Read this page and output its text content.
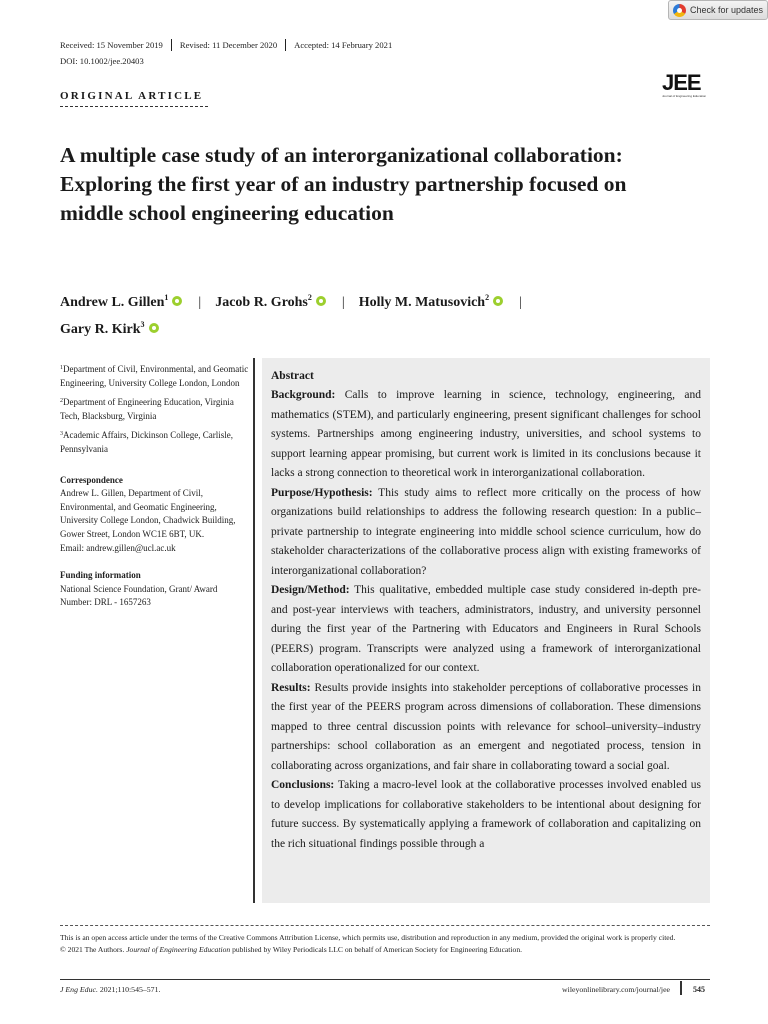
Check for updates
Received: 15 November 2019	Revised: 11 December 2020	Accepted: 14 February 2021
DOI: 10.1002/jee.20403
ORIGINAL ARTICLE
JEE
Journal of Engineering Education
A multiple case study of an interorganizational collaboration: Exploring the first year of an industry partnership focused on middle school engineering education
Andrew L. Gillen$^1$ | Jacob R. Grohs$^2$ | Holly M. Matusovich$^2$ |
Gary R. Kirk$^3$
$^1$Department of Civil, Environmental, and Geomatic Engineering, University College London, London
$^2$Department of Engineering Education, Virginia Tech, Blacksburg, Virginia
$^3$Academic Affairs, Dickinson College, Carlisle, Pennsylvania
Correspondence
Andrew L. Gillen, Department of Civil, Environmental, and Geomatic Engineering, University College London, Chadwick Building, Gower Street, London WC1E 6BT, UK.
Email: andrew.gillen@ucl.ac.uk
Funding information
National Science Foundation, Grant/ Award Number: DRL - 1657263
Abstract

Background: Calls to improve learning in science, technology, engineering, and mathematics (STEM), and particularly engineering, present significant challenges for school systems. Partnerships among engineering industry, universities, and school systems to support learning appear promising, but current work is limited in its conclusions because it lacks a strong connection to theoretical work in interorganizational collaboration.

Purpose/Hypothesis: This study aims to reflect more critically on the process of how organizations build relationships to address the following research question: In a public–private partnership to integrate engineering into middle school science curriculum, how do stakeholder characterizations of the collaborative process align with existing frameworks of interorganizational collaboration?

Design/Method: This qualitative, embedded multiple case study considered in-depth pre- and post-year interviews with teachers, administrators, industry, and university personnel during the first year of the Partnering with Educators and Engineers in Rural Schools (PEERS) program. Transcripts were analyzed using a framework of interorganizational collaboration operationalized for our context.

Results: Results provide insights into stakeholder perceptions of collaborative processes in the first year of the PEERS program across dimensions of collaboration. These dimensions mapped to three central discussion points with relevance for school–university–industry partnerships: school collaboration as an emergent and negotiated process, tension in collaborating across organizations, and fair share in collaborating toward a social goal.

Conclusions: Taking a macro-level look at the collaborative processes involved enabled us to develop implications for collaborative stakeholders to be intentional about designing for future success. By systematically applying a framework of collaboration and capitalizing on the rich situational findings possible through a

This is an open access article under the terms of the Creative Commons Attribution License, which permits use, distribution and reproduction in any medium, provided the original work is properly cited.
© 2021 The Authors. Journal of Engineering Education published by Wiley Periodicals LLC on behalf of American Society for Engineering Education.
J Eng Educ. 2021;110:545–571.	wileyonlinelibrary.com/journal/jee	545
